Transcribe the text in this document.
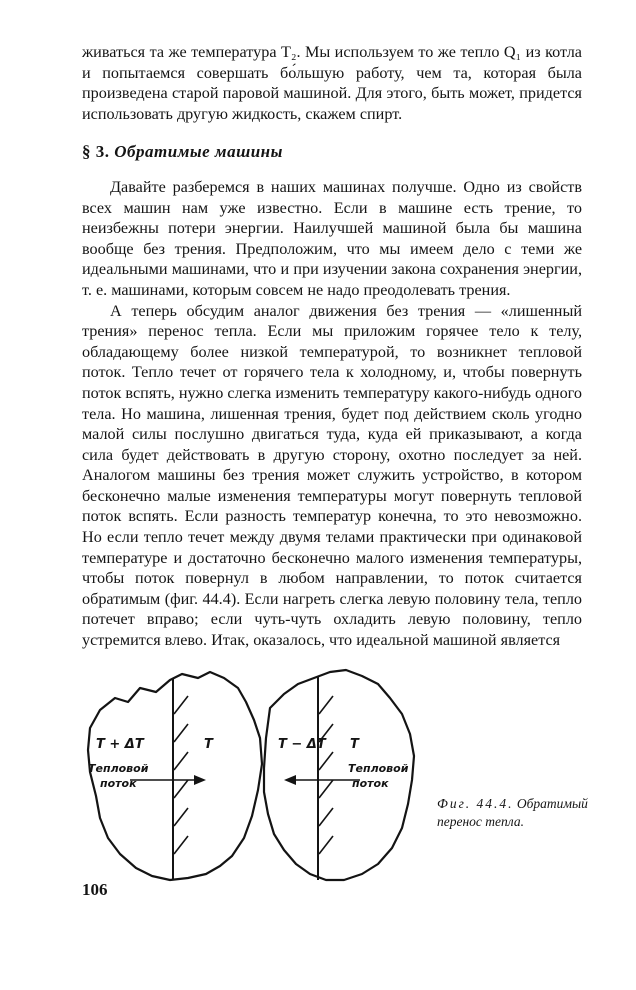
живаться та же температура T₂. Мы используем то же тепло Q₁ из котла и попытаемся совершать бо́льшую работу, чем та, которая была произведена старой паровой машиной. Для этого, быть может, придется использовать другую жидкость, скажем спирт.

§ 3. Обратимые машины

Давайте разберемся в наших машинах получше. Одно из свойств всех машин нам уже известно. Если в машине есть трение, то неизбежны потери энергии. Наилучшей машиной была бы машина вообще без трения. Предположим, что мы имеем дело с теми же идеальными машинами, что и при изучении закона сохранения энергии, т. е. машинами, которым совсем не надо преодолевать трения.

А теперь обсудим аналог движения без трения — «лишенный трения» перенос тепла. Если мы приложим горячее тело к телу, обладающему более низкой температурой, то возникнет тепловой поток. Тепло течет от горячего тела к холодному, и, чтобы повернуть поток вспять, нужно слегка изменить температуру какого-нибудь одного тела. Но машина, лишенная трения, будет под действием сколь угодно малой силы послушно двигаться туда, куда ей приказывают, а когда сила будет действовать в другую сторону, охотно последует за ней. Аналогом машины без трения может служить устройство, в котором бесконечно малые изменения температуры могут повернуть тепловой поток вспять. Если разность температур конечна, то это невозможно. Но если тепло течет между двумя телами практически при одинаковой температуре и достаточно бесконечно малого изменения температуры, чтобы поток повернул в любом направлении, то поток считается обратимым (фиг. 44.4). Если нагреть слегка левую половину тела, тепло потечет вправо; если чуть-чуть охладить левую половину, тепло устремится влево. Итак, оказалось, что идеальной машиной является

T + ΔT	T
Тепловой
поток
T − ΔT T
Тепловой
поток
Фиг. 44.4. Обратимый перенос тепла.
106
